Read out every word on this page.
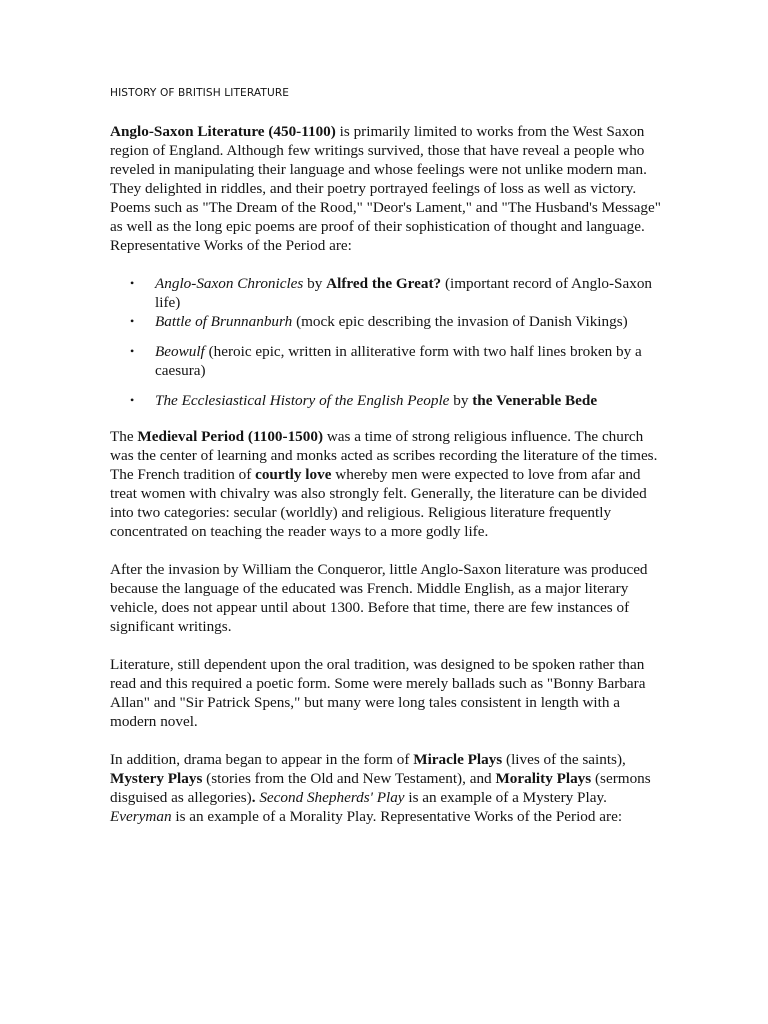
HISTORY OF BRITISH LITERATURE

Anglo-Saxon Literature (450-1100) is primarily limited to works from the West Saxon region of England. Although few writings survived, those that have reveal a people who reveled in manipulating their language and whose feelings were not unlike modern man. They delighted in riddles, and their poetry portrayed feelings of loss as well as victory. Poems such as "The Dream of the Rood," "Deor's Lament," and "The Husband's Message" as well as the long epic poems are proof of their sophistication of thought and language. Representative Works of the Period are:

• Anglo-Saxon Chronicles by Alfred the Great? (important record of Anglo-Saxon life)
• Battle of Brunnanburh (mock epic describing the invasion of Danish Vikings)
• Beowulf (heroic epic, written in alliterative form with two half lines broken by a caesura)
• The Ecclesiastical History of the English People by the Venerable Bede

The Medieval Period (1100-1500) was a time of strong religious influence. The church was the center of learning and monks acted as scribes recording the literature of the times. The French tradition of courtly love whereby men were expected to love from afar and treat women with chivalry was also strongly felt. Generally, the literature can be divided into two categories: secular (worldly) and religious. Religious literature frequently concentrated on teaching the reader ways to a more godly life.

After the invasion by William the Conqueror, little Anglo-Saxon literature was produced because the language of the educated was French. Middle English, as a major literary vehicle, does not appear until about 1300. Before that time, there are few instances of significant writings.

Literature, still dependent upon the oral tradition, was designed to be spoken rather than read and this required a poetic form. Some were merely ballads such as "Bonny Barbara Allan" and "Sir Patrick Spens," but many were long tales consistent in length with a modern novel.

In addition, drama began to appear in the form of Miracle Plays (lives of the saints), Mystery Plays (stories from the Old and New Testament), and Morality Plays (sermons disguised as allegories). Second Shepherds' Play is an example of a Mystery Play. Everyman is an example of a Morality Play. Representative Works of the Period are:
